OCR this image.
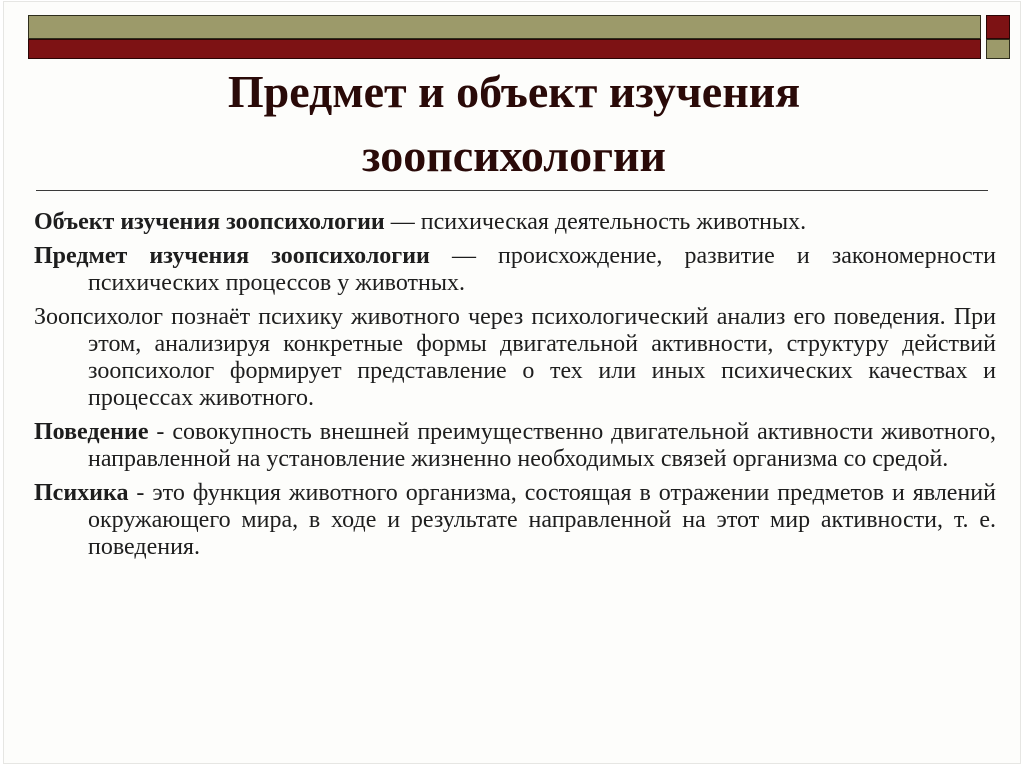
Предмет и объект изучения
зоопсихологии

Объект изучения зоопсихологии — психическая деятельность животных.

Предмет изучения зоопсихологии — происхождение, развитие и закономерности психических процессов у животных.

Зоопсихолог познаёт психику животного через психологический анализ его поведения. При этом, анализируя конкретные формы двигательной активности, структуру действий зоопсихолог формирует представление о тех или иных психических качествах и процессах животного.

Поведение - совокупность внешней преимущественно двигательной активности животного, направленной на установление жизненно необходимых связей организма со средой.

Психика - это функция животного организма, состоящая в отражении предметов и явлений окружающего мира, в ходе и результате направленной на этот мир активности, т. е. поведения.
